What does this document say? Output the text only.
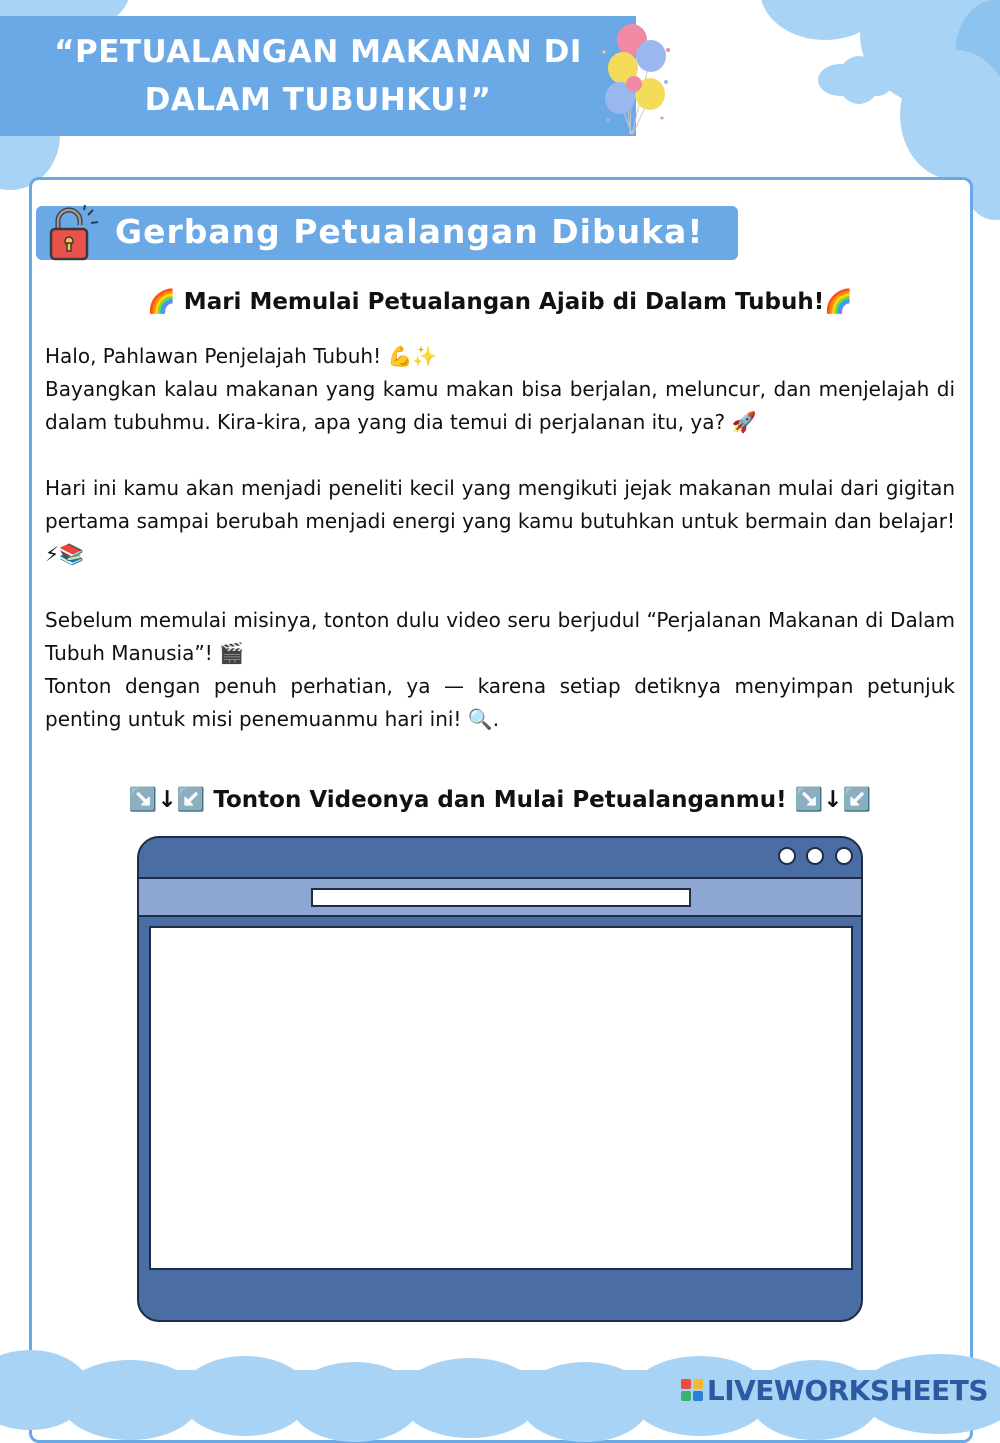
“PETUALANGAN MAKANAN DI
DALAM TUBUHKU!”
Gerbang Petualangan Dibuka!
🌈 Mari Memulai Petualangan Ajaib di Dalam Tubuh!🌈

Halo, Pahlawan Penjelajah Tubuh! 💪✨

Bayangkan kalau makanan yang kamu makan bisa berjalan, meluncur, dan menjelajah di dalam tubuhmu. Kira-kira, apa yang dia temui di perjalanan itu, ya? 🚀

Hari ini kamu akan menjadi peneliti kecil yang mengikuti jejak makanan mulai dari gigitan pertama sampai berubah menjadi energi yang kamu butuhkan untuk bermain dan belajar! ⚡📚

Sebelum memulai misinya, tonton dulu video seru berjudul “Perjalanan Makanan di Dalam Tubuh Manusia”! 🎬

Tonton dengan penuh perhatian, ya — karena setiap detiknya menyimpan petunjuk penting untuk misi penemuanmu hari ini! 🔍.

↘️↓↙️ Tonton Videonya dan Mulai Petualanganmu! ↘️↓↙️
LIVEWORKSHEETS
